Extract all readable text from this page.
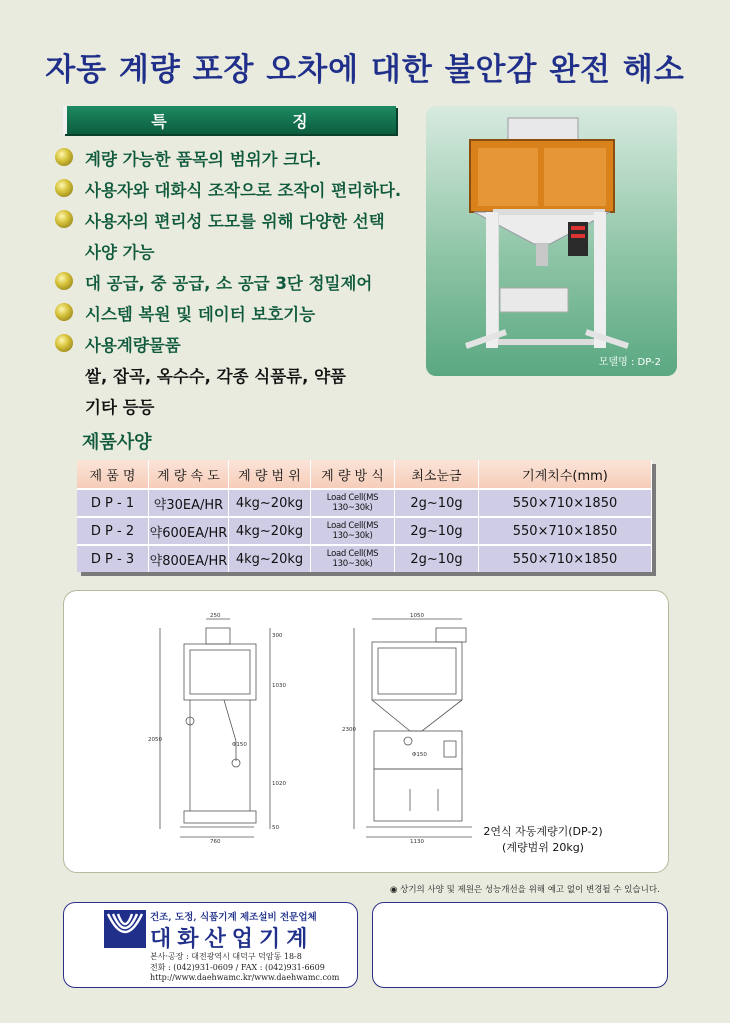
자동 계량 포장 오차에 대한 불안감 완전 해소
특 징
계량 가능한 품목의 범위가 크다.
사용자와 대화식 조작으로 조작이 편리하다.
사용자의 편리성 도모를 위해 다양한 선택
사양 가능
대 공급, 중 공급, 소 공급 3단 정밀제어
시스템 복원 및 데이터 보호기능
사용계량물품
쌀, 잡곡, 옥수수, 각종 식품류, 약품
기타 등등
모델명 : DP-2
제품사양
제 품 명	계 량 속 도	계 량 범 위	계 량 방 식	최소눈금	기계치수(mm)
D P - 1	약30EA/HR	4kg~20kg	Load Cell(MS 130~30k)	2g~10g	550×710×1850
D P - 2	약600EA/HR	4kg~20kg	Load Cell(MS 130~30k)	2g~10g	550×710×1850
D P - 3	약800EA/HR	4kg~20kg	Load Cell(MS 130~30k)	2g~10g	550×710×1850
250
300
1030
1020
50
2050
760
Φ150
1050
2300
Φ150
1130
2연식 자동계량기(DP-2)
(계량범위 20kg)
◉ 상기의 사양 및 제원은 성능개선을 위해 예고 없이 변경될 수 있습니다.
건조, 도정, 식품기계 제조설비 전문업체
대화산업기계
본사·공장 : 대전광역시 대덕구 덕암동 18-8
전화 : (042)931-0609 / FAX : (042)931-6609
http://www.daehwamc.kr/www.daehwamc.com
